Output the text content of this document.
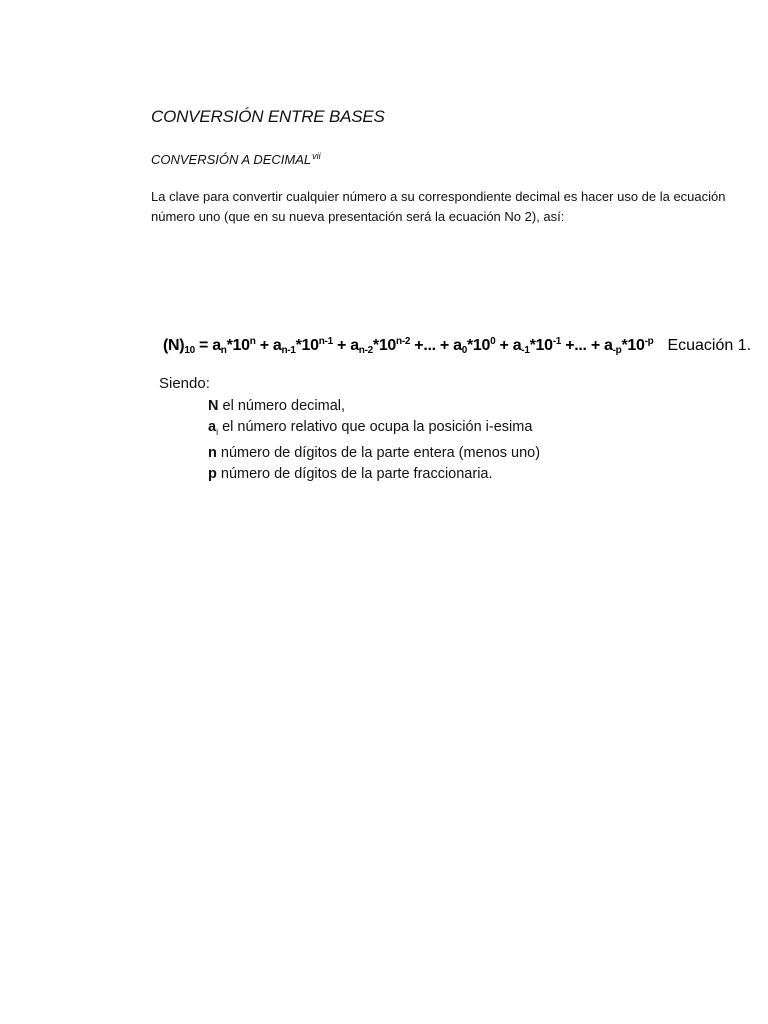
CONVERSIÓN ENTRE BASES
CONVERSIÓN A DECIMAL$^{vii}$

La clave para convertir cualquier número a su correspondiente decimal es hacer uso de la ecuación

número uno (que en su nueva presentación será la ecuación No 2), así:

$(N)_{10} = a_n*10^n + a_{n-1}*10^{n-1} + a_{n-2}*10^{n-2}$ +... + $a_0*10^0 + a_{-1}*10^{-1}$ +... + $a_{-p}*10^{-p}$ Ecuación 1.
Siendo:
N el número decimal,
$a_i$ el número relativo que ocupa la posición i-esima
n número de dígitos de la parte entera (menos uno)
p número de dígitos de la parte fraccionaria.
